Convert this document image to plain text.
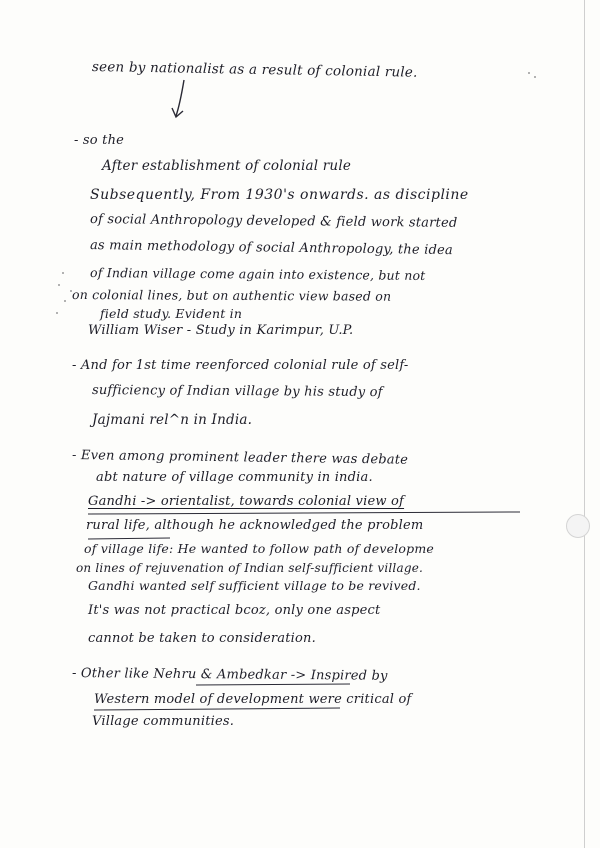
seen by nationalist as a result of colonial rule.
- so the
After establishment of colonial rule
Subsequently, From 1930's onwards. as discipline
of social Anthropology developed & field work started
as main methodology of social Anthropology, the idea
of Indian village come again into existence, but not
on colonial lines, but on authentic view based on
field study. Evident in
William Wiser - Study in Karimpur, U.P.
- And for 1st time reenforced colonial rule of self-
sufficiency of Indian village by his study of
Jajmani rel^n in India.
- Even among prominent leader there was debate
abt nature of village community in india.
Gandhi -> orientalist, towards colonial view of
rural life, although he acknowledged the problem
of village life: He wanted to follow path of developme
on lines of rejuvenation of Indian self-sufficient village.
Gandhi wanted self sufficient village to be revived.
It's was not practical bcoz, only one aspect
cannot be taken to consideration.
- Other like Nehru & Ambedkar -> Inspired by
Western model of development were critical of
Village communities.
